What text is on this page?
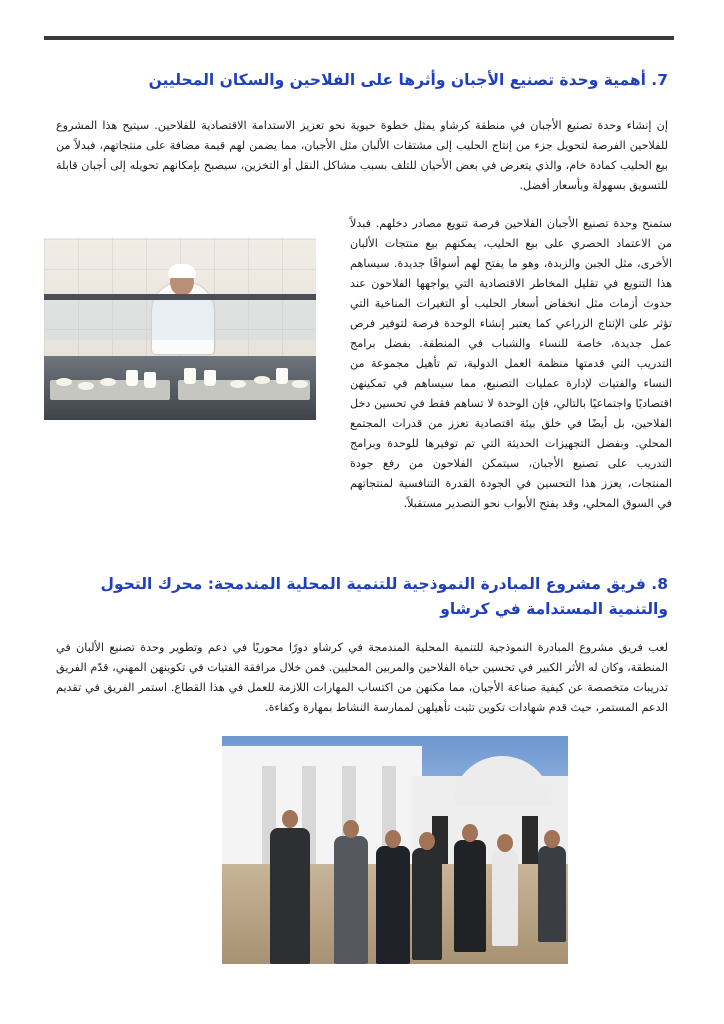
7. أهمية وحدة تصنيع الأجبان وأثرها على الفلاحين والسكان المحليين

إن إنشاء وحدة تصنيع الأجبان في منطقة كرشاو يمثل خطوة حيوية نحو تعزيز الاستدامة الاقتصادية للفلاحين. سيتيح هذا المشروع للفلاحين الفرصة لتحويل جزء من إنتاج الحليب إلى مشتقات الألبان مثل الأجبان، مما يضمن لهم قيمة مضافة على منتجاتهم، فبدلاً من بيع الحليب كمادة خام، والذي يتعرض في بعض الأحيان للتلف بسبب مشاكل النقل أو التخزين، سيصبح بإمكانهم تحويله إلى أجبان قابلة للتسويق بسهولة وبأسعار أفضل.

ستمنح وحدة تصنيع الأجبان الفلاحين فرصة تنويع مصادر دخلهم. فبدلاً من الاعتماد الحصري على بيع الحليب، يمكنهم بيع منتجات الألبان الأخرى، مثل الجبن والزبدة، وهو ما يفتح لهم أسواقًا جديدة. سيساهم هذا التنويع في تقليل المخاطر الاقتصادية التي يواجهها الفلاحون عند حدوث أزمات مثل انخفاض أسعار الحليب أو التغيرات المناخية التي تؤثر على الإنتاج الزراعي كما يعتبر إنشاء الوحدة فرصة لتوفير فرص عمل جديدة، خاصة للنساء والشباب في المنطقة. بفضل برامج التدريب التي قدمتها منظمة العمل الدولية، تم تأهيل مجموعة من النساء والفتيات لإدارة عمليات التصنيع، مما سيساهم في تمكينهن اقتصاديًا واجتماعيًا بالتالي، فإن الوحدة لا تساهم فقط في تحسين دخل الفلاحين، بل أيضًا في خلق بيئة اقتصادية تعزز من قدرات المجتمع المحلي. وبفضل التجهيزات الحديثة التي تم توفيرها للوحدة وبرامج التدريب على تصنيع الأجبان، سيتمكن الفلاحون من رفع جودة المنتجات، يعزز هذا التحسين في الجودة القدرة التنافسية لمنتجاتهم في السوق المحلي، وقد يفتح الأبواب نحو التصدير مستقبلاً.

8. فريق مشروع المبادرة النموذجية للتنمية المحلية المندمجة: محرك التحول والتنمية المستدامة في كرشاو

لعب فريق مشروع المبادرة النموذجية للتنمية المحلية المندمجة في كرشاو دورًا محوريًا في دعم وتطوير وحدة تصنيع الألبان في المنطقة، وكان له الأثر الكبير في تحسين حياة الفلاحين والمربين المحليين. فمن خلال مرافقة الفتيات في تكوينهن المهني، قدّم الفريق تدريبات متخصصة عن كيفية صناعة الأجبان، مما مكنهن من اكتساب المهارات اللازمة للعمل في هذا القطاع. استمر الفريق في تقديم الدعم المستمر، حيث قدم شهادات تكوين تثبت تأهيلهن لممارسة النشاط بمهارة وكفاءة.
